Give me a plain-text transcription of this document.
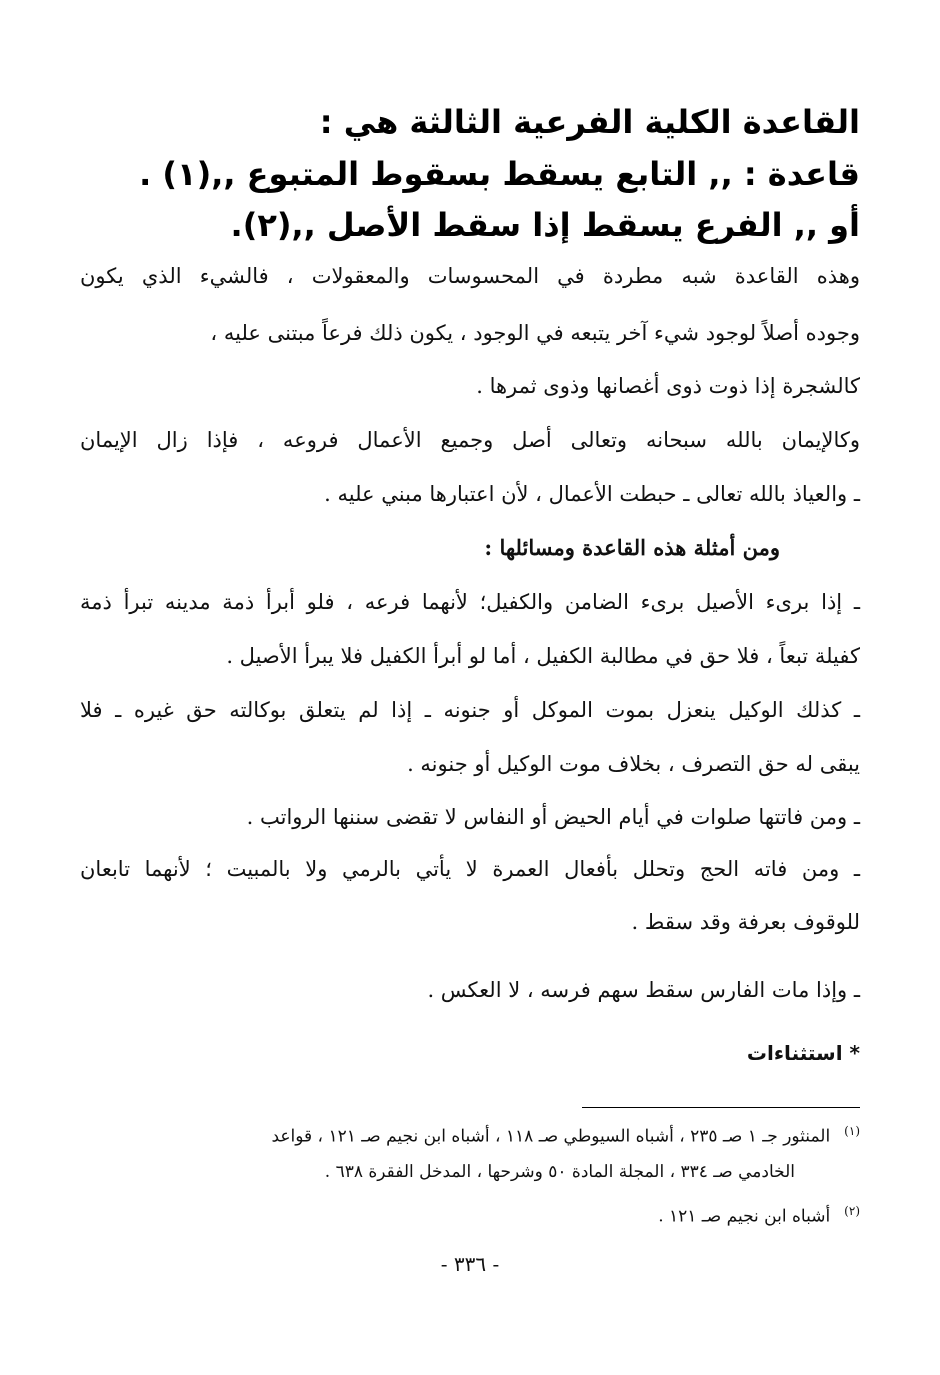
القاعدة الكلية الفرعية الثالثة هي :
قاعدة : ,, التابع يسقط بسقوط المتبوع ,,(١) .
أو ,, الفرع يسقط إذا سقط الأصل ,,(٢).
وهذه القاعدة شبه مطردة في المحسوسات والمعقولات ، فالشيء الذي يكون
وجوده أصلاً لوجود شيء آخر يتبعه في الوجود ، يكون ذلك فرعاً مبتنى عليه ،
كالشجرة إذا ذوت ذوى أغصانها وذوى ثمرها .
وكالإيمان بالله سبحانه وتعالى أصل وجميع الأعمال فروعه ، فإذا زال الإيمان
ـ والعياذ بالله تعالى ـ حبطت الأعمال ، لأن اعتبارها مبني عليه .
ومن أمثلة هذه القاعدة ومسائلها :
ـ إذا برىء الأصيل برىء الضامن والكفيل؛ لأنهما فرعه ، فلو أبرأ ذمة مدينه تبرأ ذمة
كفيلة تبعاً ، فلا حق في مطالبة الكفيل ، أما لو أبرأ الكفيل فلا يبرأ الأصيل .
ـ كذلك الوكيل ينعزل بموت الموكل أو جنونه ـ إذا لم يتعلق بوكالته حق غيره ـ فلا
يبقى له حق التصرف ، بخلاف موت الوكيل أو جنونه .
ـ ومن فاتتها صلوات في أيام الحيض أو النفاس لا تقضى سننها الرواتب .
ـ ومن فاته الحج وتحلل بأفعال العمرة لا يأتي بالرمي ولا بالمبيت ؛ لأنهما تابعان
للوقوف بعرفة وقد سقط .
ـ وإذا مات الفارس سقط سهم فرسه ، لا العكس .
* استثناءات
$^{(١)}$المنثور جـ ١ صـ ٢٣٥ ، أشباه السيوطي صـ ١١٨ ، أشباه ابن نجيم صـ ١٢١ ، قواعد
الخادمي صـ ٣٣٤ ، المجلة المادة ٥٠ وشرحها ، المدخل الفقرة ٦٣٨ .
$^{(٢)}$أشباه ابن نجيم صـ ١٢١ .
- ٣٣٦ -
